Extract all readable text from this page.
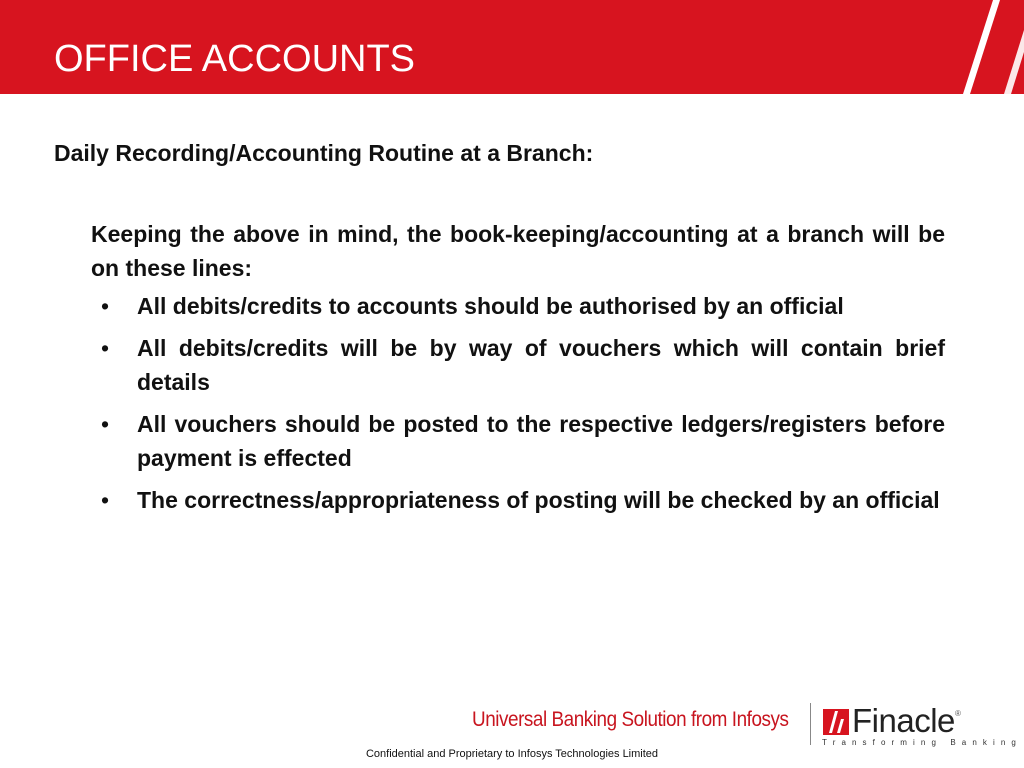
OFFICE ACCOUNTS
Daily Recording/Accounting Routine at a Branch:

Keeping the above in mind, the book-keeping/accounting at a branch will be on these lines:

• All debits/credits to accounts should be authorised by an official
• All debits/credits will be by way of vouchers which will contain brief details
• All vouchers should be posted to the respective ledgers/registers before payment is effected
• The correctness/appropriateness of posting will be checked by an official
Universal Banking Solution from Infosys Finacle ®
Transforming Banking
Confidential and Proprietary to Infosys Technologies Limited
